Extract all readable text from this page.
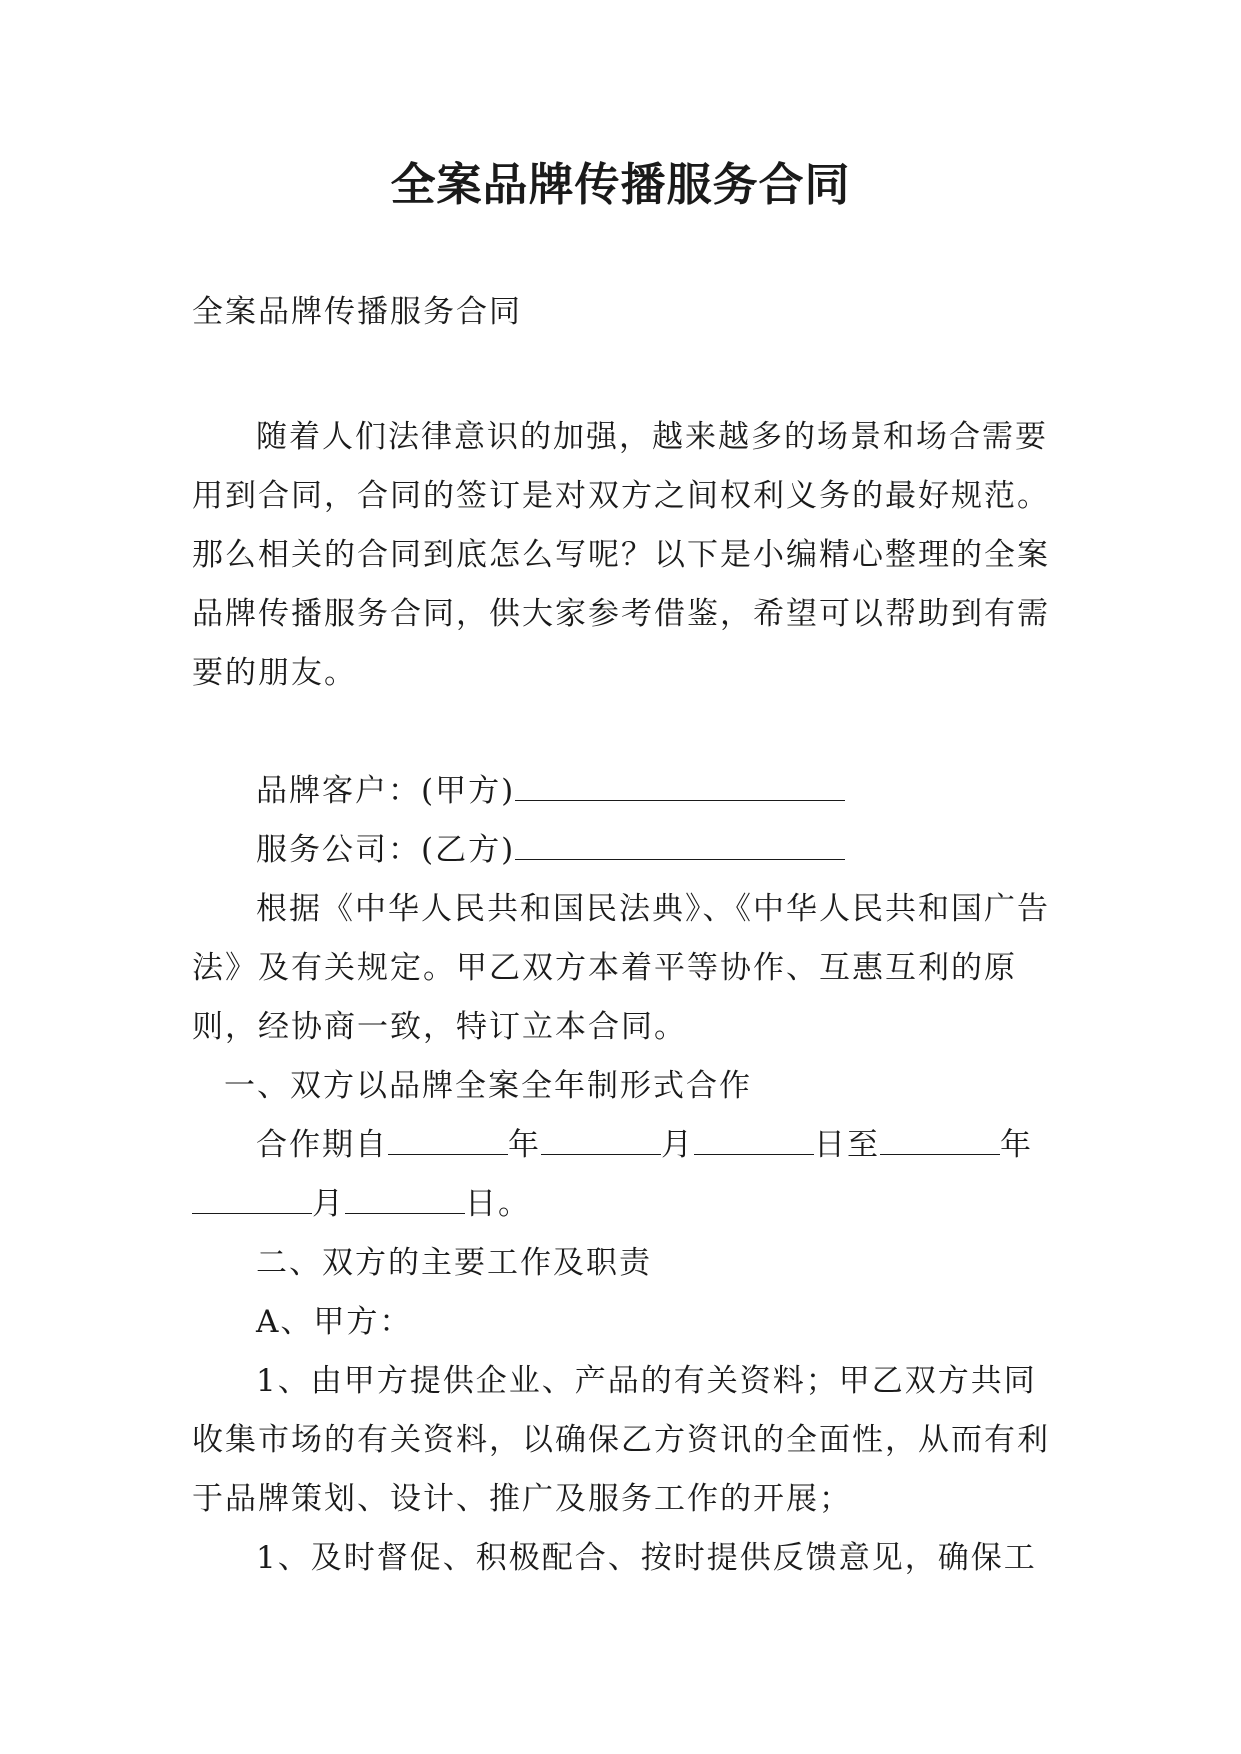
全案品牌传播服务合同
全案品牌传播服务合同

随着人们法律意识的加强，越来越多的场景和场合需要用到合同，合同的签订是对双方之间权利义务的最好规范。那么相关的合同到底怎么写呢？以下是小编精心整理的全案品牌传播服务合同，供大家参考借鉴，希望可以帮助到有需要的朋友。

品牌客户：(甲方)

服务公司：(乙方)

根据《中华人民共和国民法典》、《中华人民共和国广告法》及有关规定。甲乙双方本着平等协作、互惠互利的原则，经协商一致，特订立本合同。

一、双方以品牌全案全年制形式合作

合作期自	年	月	日至	年月	日。

二、双方的主要工作及职责

A、甲方：

1、由甲方提供企业、产品的有关资料；甲乙双方共同收集市场的有关资料，以确保乙方资讯的全面性，从而有利于品牌策划、设计、推广及服务工作的开展；

1、及时督促、积极配合、按时提供反馈意见，确保工
